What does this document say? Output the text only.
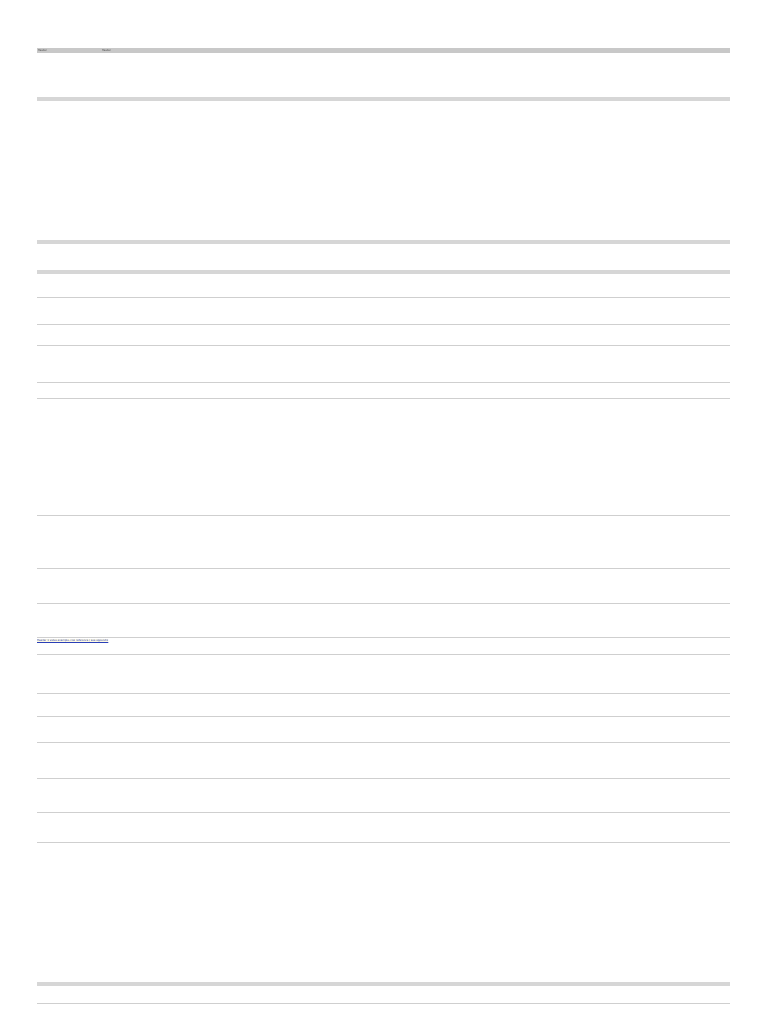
Header	Header
Header 1 value example, row reference / see appendix
